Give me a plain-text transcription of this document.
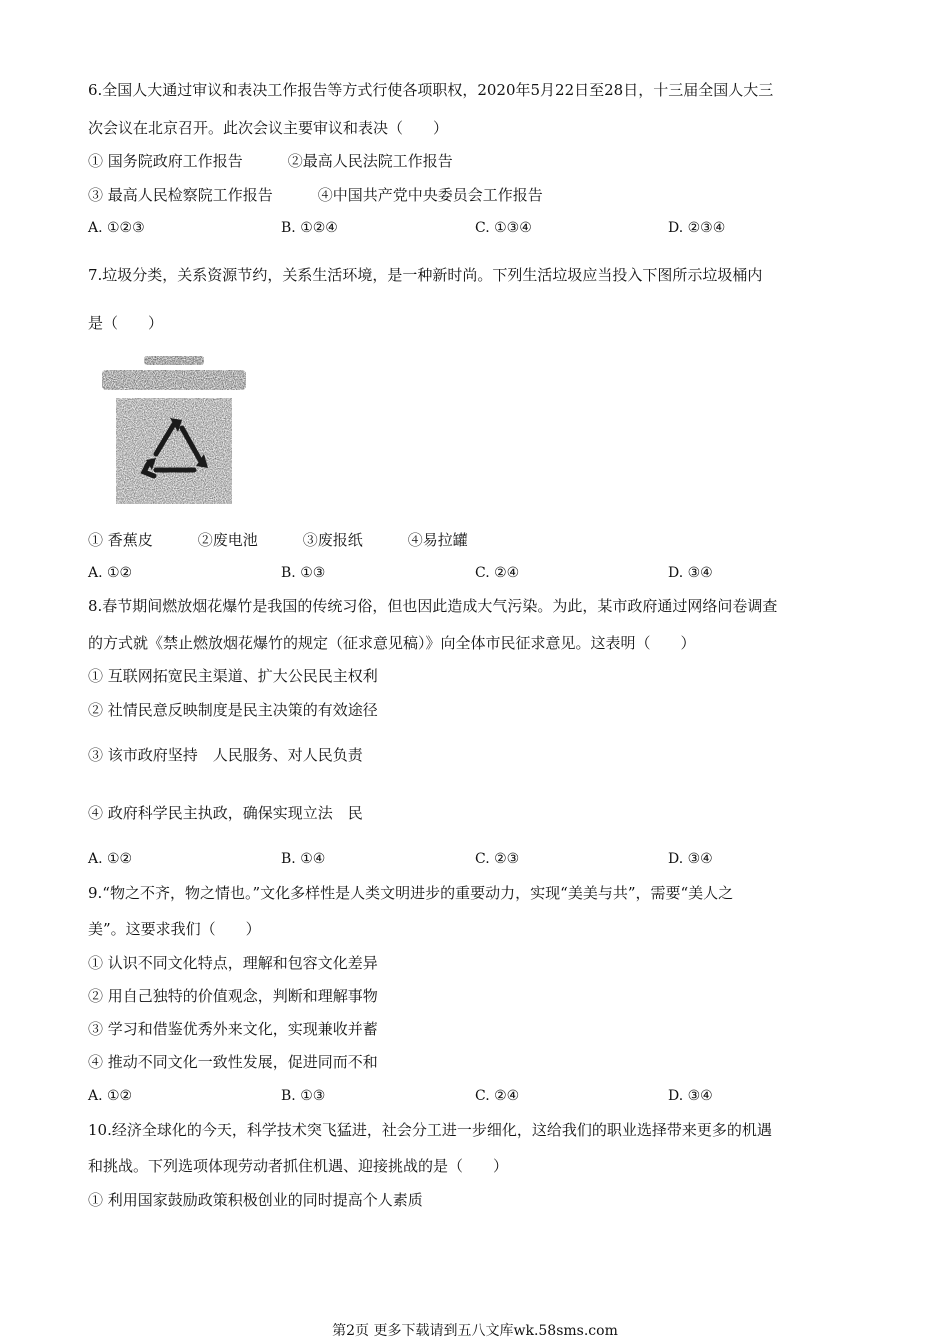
6.全国人大通过审议和表决工作报告等方式行使各项职权，2020年5月22日至28日，十三届全国人大三
次会议在北京召开。此次会议主要审议和表决（　　）
① 国务院政府工作报告　　　②最高人民法院工作报告
③ 最高人民检察院工作报告　　　④中国共产党中央委员会工作报告
A. ①②③	B. ①②④	C. ①③④	D. ②③④
7.垃圾分类，关系资源节约，关系生活环境，是一种新时尚。下列生活垃圾应当投入下图所示垃圾桶内
是（　　）
① 香蕉皮　　　②废电池　　　③废报纸　　　④易拉罐
A. ①②	B. ①③	C. ②④	D. ③④
8.春节期间燃放烟花爆竹是我国的传统习俗，但也因此造成大气污染。为此，某市政府通过网络问卷调查
的方式就《禁止燃放烟花爆竹的规定（征求意见稿）》向全体市民征求意见。这表明（　　）
① 互联网拓宽民主渠道、扩大公民民主权利
② 社情民意反映制度是民主决策的有效途径
③ 该市政府坚持　人民服务、对人民负责
④ 政府科学民主执政，确保实现立法　民
A. ①②	B. ①④	C. ②③	D. ③④
9.“物之不齐，物之情也。”文化多样性是人类文明进步的重要动力，实现“美美与共”，需要“美人之
美”。这要求我们（　　）
① 认识不同文化特点，理解和包容文化差异
② 用自己独特的价值观念，判断和理解事物
③ 学习和借鉴优秀外来文化，实现兼收并蓄
④ 推动不同文化一致性发展，促进同而不和
A. ①②	B. ①③	C. ②④	D. ③④
10.经济全球化的今天，科学技术突飞猛进，社会分工进一步细化，这给我们的职业选择带来更多的机遇
和挑战。下列选项体现劳动者抓住机遇、迎接挑战的是（　　）
① 利用国家鼓励政策积极创业的同时提高个人素质
第2页 更多下载请到五八文库wk.58sms.com
